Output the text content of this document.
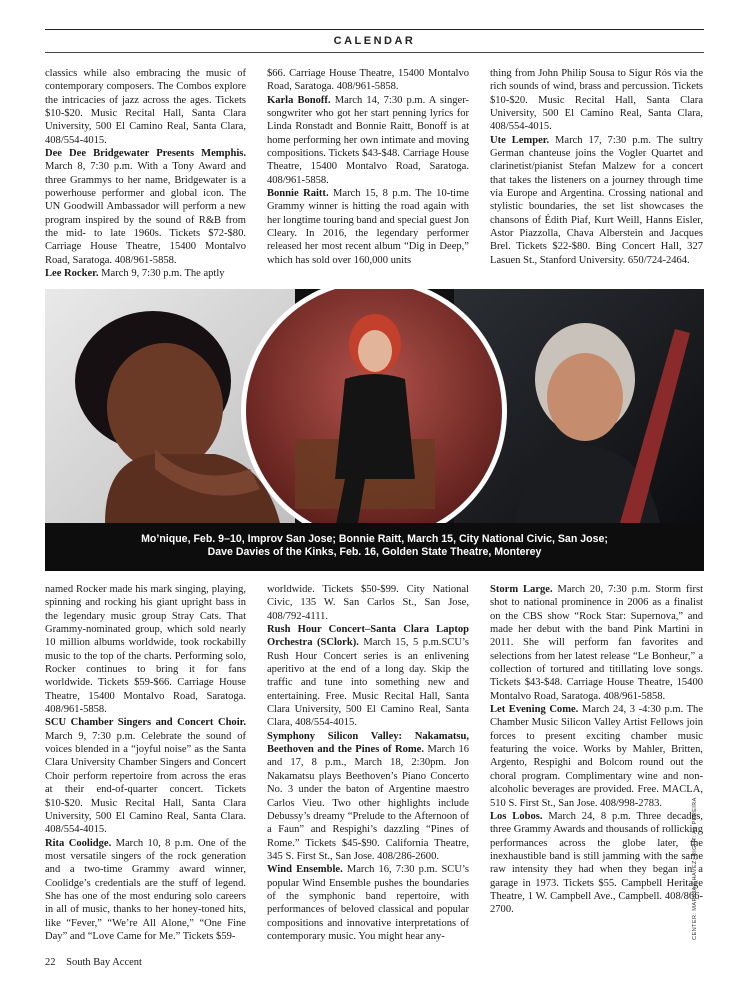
CALENDAR

classics while also embracing the music of contemporary composers. The Combos explore the intricacies of jazz across the ages. Tickets $10-$20. Music Recital Hall, Santa Clara University, 500 El Camino Real, Santa Clara, 408/554-4015.

Dee Dee Bridgewater Presents Memphis. March 8, 7:30 p.m. With a Tony Award and three Grammys to her name, Bridgewater is a powerhouse performer and global icon. The UN Goodwill Ambassador will perform a new program inspired by the sound of R&B from the mid- to late 1960s. Tickets $72-$80. Carriage House Theatre, 15400 Montalvo Road, Saratoga. 408/961-5858.

Lee Rocker. March 9, 7:30 p.m. The aptly

$66. Carriage House Theatre, 15400 Montalvo Road, Saratoga. 408/961-5858.

Karla Bonoff. March 14, 7:30 p.m. A singer-songwriter who got her start penning lyrics for Linda Ronstadt and Bonnie Raitt, Bonoff is at home performing her own intimate and moving compositions. Tickets $43-$48. Carriage House Theatre, 15400 Montalvo Road, Saratoga. 408/961-5858.

Bonnie Raitt. March 15, 8 p.m. The 10-time Grammy winner is hitting the road again with her longtime touring band and special guest Jon Cleary. In 2016, the legendary performer released her most recent album “Dig in Deep,” which has sold over 160,000 units

thing from John Philip Sousa to Sigur Rós via the rich sounds of wind, brass and percussion. Tickets $10-$20. Music Recital Hall, Santa Clara University, 500 El Camino Real, Santa Clara, 408/554-4015.

Ute Lemper. March 17, 7:30 p.m. The sultry German chanteuse joins the Vogler Quartet and clarinetist/pianist Stefan Malzew for a concert that takes the listeners on a journey through time via Europe and Argentina. Crossing national and stylistic boundaries, the set list showcases the chansons of Édith Piaf, Kurt Weill, Hanns Eisler, Astor Piazzolla, Chava Alberstein and Jacques Brel. Tickets $22-$80. Bing Concert Hall, 327 Lasuen St., Stanford University. 650/724-2464.

Mo’nique, Feb. 9–10, Improv San Jose; Bonnie Raitt, March 15, City National Civic, San Jose;
Dave Davies of the Kinks, Feb. 16, Golden State Theatre, Monterey

named Rocker made his mark singing, playing, spinning and rocking his giant upright bass in the legendary music group Stray Cats. That Grammy-nominated group, which sold nearly 10 million albums worldwide, took rockabilly music to the top of the charts. Performing solo, Rocker continues to bring it for fans worldwide. Tickets $59-$66. Carriage House Theatre, 15400 Montalvo Road, Saratoga. 408/961-5858.

SCU Chamber Singers and Concert Choir. March 9, 7:30 p.m. Celebrate the sound of voices blended in a “joyful noise” as the Santa Clara University Chamber Singers and Concert Choir perform repertoire from across the eras at their end-of-quarter concert. Tickets $10-$20. Music Recital Hall, Santa Clara University, 500 El Camino Real, Santa Clara. 408/554-4015.

Rita Coolidge. March 10, 8 p.m. One of the most versatile singers of the rock generation and a two-time Grammy award winner, Coolidge’s credentials are the stuff of legend. She has one of the most enduring solo careers in all of music, thanks to her honey-toned hits, like “Fever,” “We’re All Alone,” “One Fine Day” and “Love Came for Me.” Tickets $59-

worldwide. Tickets $50-$99. City National Civic, 135 W. San Carlos St., San Jose, 408/792-4111.

Rush Hour Concert–Santa Clara Laptop Orchestra (SClork). March 15, 5 p.m.SCU’s Rush Hour Concert series is an enlivening aperitivo at the end of a long day. Skip the traffic and tune into something new and entertaining. Free. Music Recital Hall, Santa Clara University, 500 El Camino Real, Santa Clara, 408/554-4015.

Symphony Silicon Valley: Nakamatsu, Beethoven and the Pines of Rome. March 16 and 17, 8 p.m., March 18, 2:30pm. Jon Nakamatsu plays Beethoven’s Piano Concerto No. 3 under the baton of Argentine maestro Carlos Vieu. Two other highlights include Debussy’s dreamy “Prelude to the Afternoon of a Faun” and Respighi’s dazzling “Pines of Rome.” Tickets $45-$90. California Theatre, 345 S. First St., San Jose. 408/286-2600.

Wind Ensemble. March 16, 7:30 p.m. SCU’s popular Wind Ensemble pushes the boundaries of the symphonic band repertoire, with performances of beloved classical and popular compositions and innovative interpretations of contemporary music. You might hear any-

Storm Large. March 20, 7:30 p.m. Storm first shot to national prominence in 2006 as a finalist on the CBS show “Rock Star: Supernova,” and made her debut with the band Pink Martini in 2011. She will perform fan favorites and selections from her latest release “Le Bonheur,” a collection of tortured and titillating love songs. Tickets $43-$48. Carriage House Theatre, 15400 Montalvo Road, Saratoga. 408/961-5858.

Let Evening Come. March 24, 3 -4:30 p.m. The Chamber Music Silicon Valley Artist Fellows join forces to present exciting chamber music featuring the voice. Works by Mahler, Britten, Argento, Respighi and Bolcom round out the choral program. Complimentary wine and non-alcoholic beverages are provided. Free. MACLA, 510 S. First St., San Jose. 408/998-2783.

Los Lobos. March 24, 8 p.m. Three decades, three Grammy Awards and thousands of rollicking performances across the globe later, the inexhaustible band is still jamming with the same raw intensity they had when they began in a garage in 1973. Tickets $55. Campbell Heritage Theatre, 1 W. Campbell Ave., Campbell. 408/866-2700.	CENTER: MARINA CHAVEZ; RIGHT: AL PEREIRA
22 South Bay Accent
